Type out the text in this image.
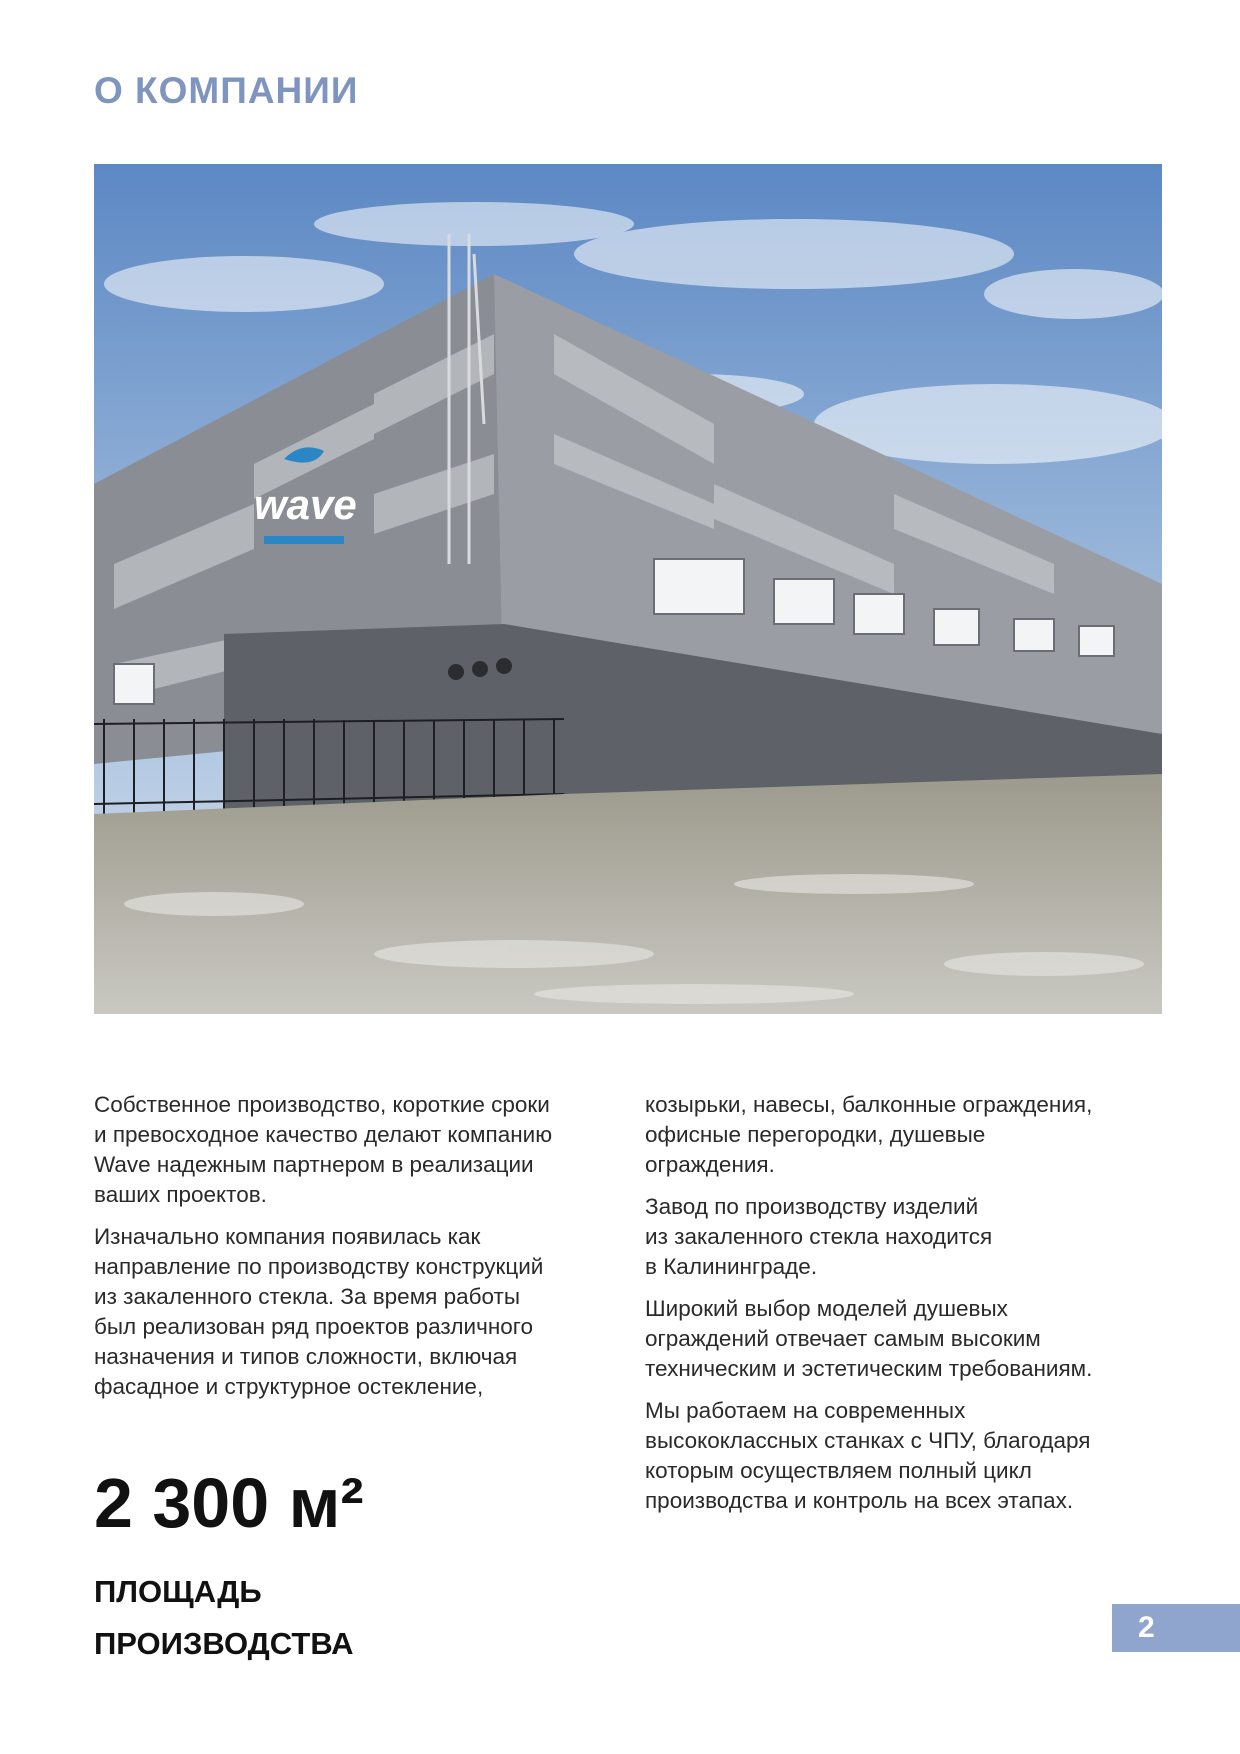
О КОМПАНИИ
wave

Собственное производство, короткие сроки
и превосходное качество делают компанию
Wave надежным партнером в реализации
ваших проектов.

Изначально компания появилась как
направление по производству конструкций
из закаленного стекла. За время работы
был реализован ряд проектов различного
назначения и типов сложности, включая
фасадное и структурное остекление,

козырьки, навесы, балконные ограждения,
офисные перегородки, душевые
ограждения.

Завод по производству изделий
из закаленного стекла находится
в Калининграде.

Широкий выбор моделей душевых
ограждений отвечает самым высоким
техническим и эстетическим требованиям.

Мы работаем на современных
высококлассных станках с ЧПУ, благодаря
которым осуществляем полный цикл
производства и контроль на всех этапах.

2 300 м²
ПЛОЩАДЬ
ПРОИЗВОДСТВА	2
